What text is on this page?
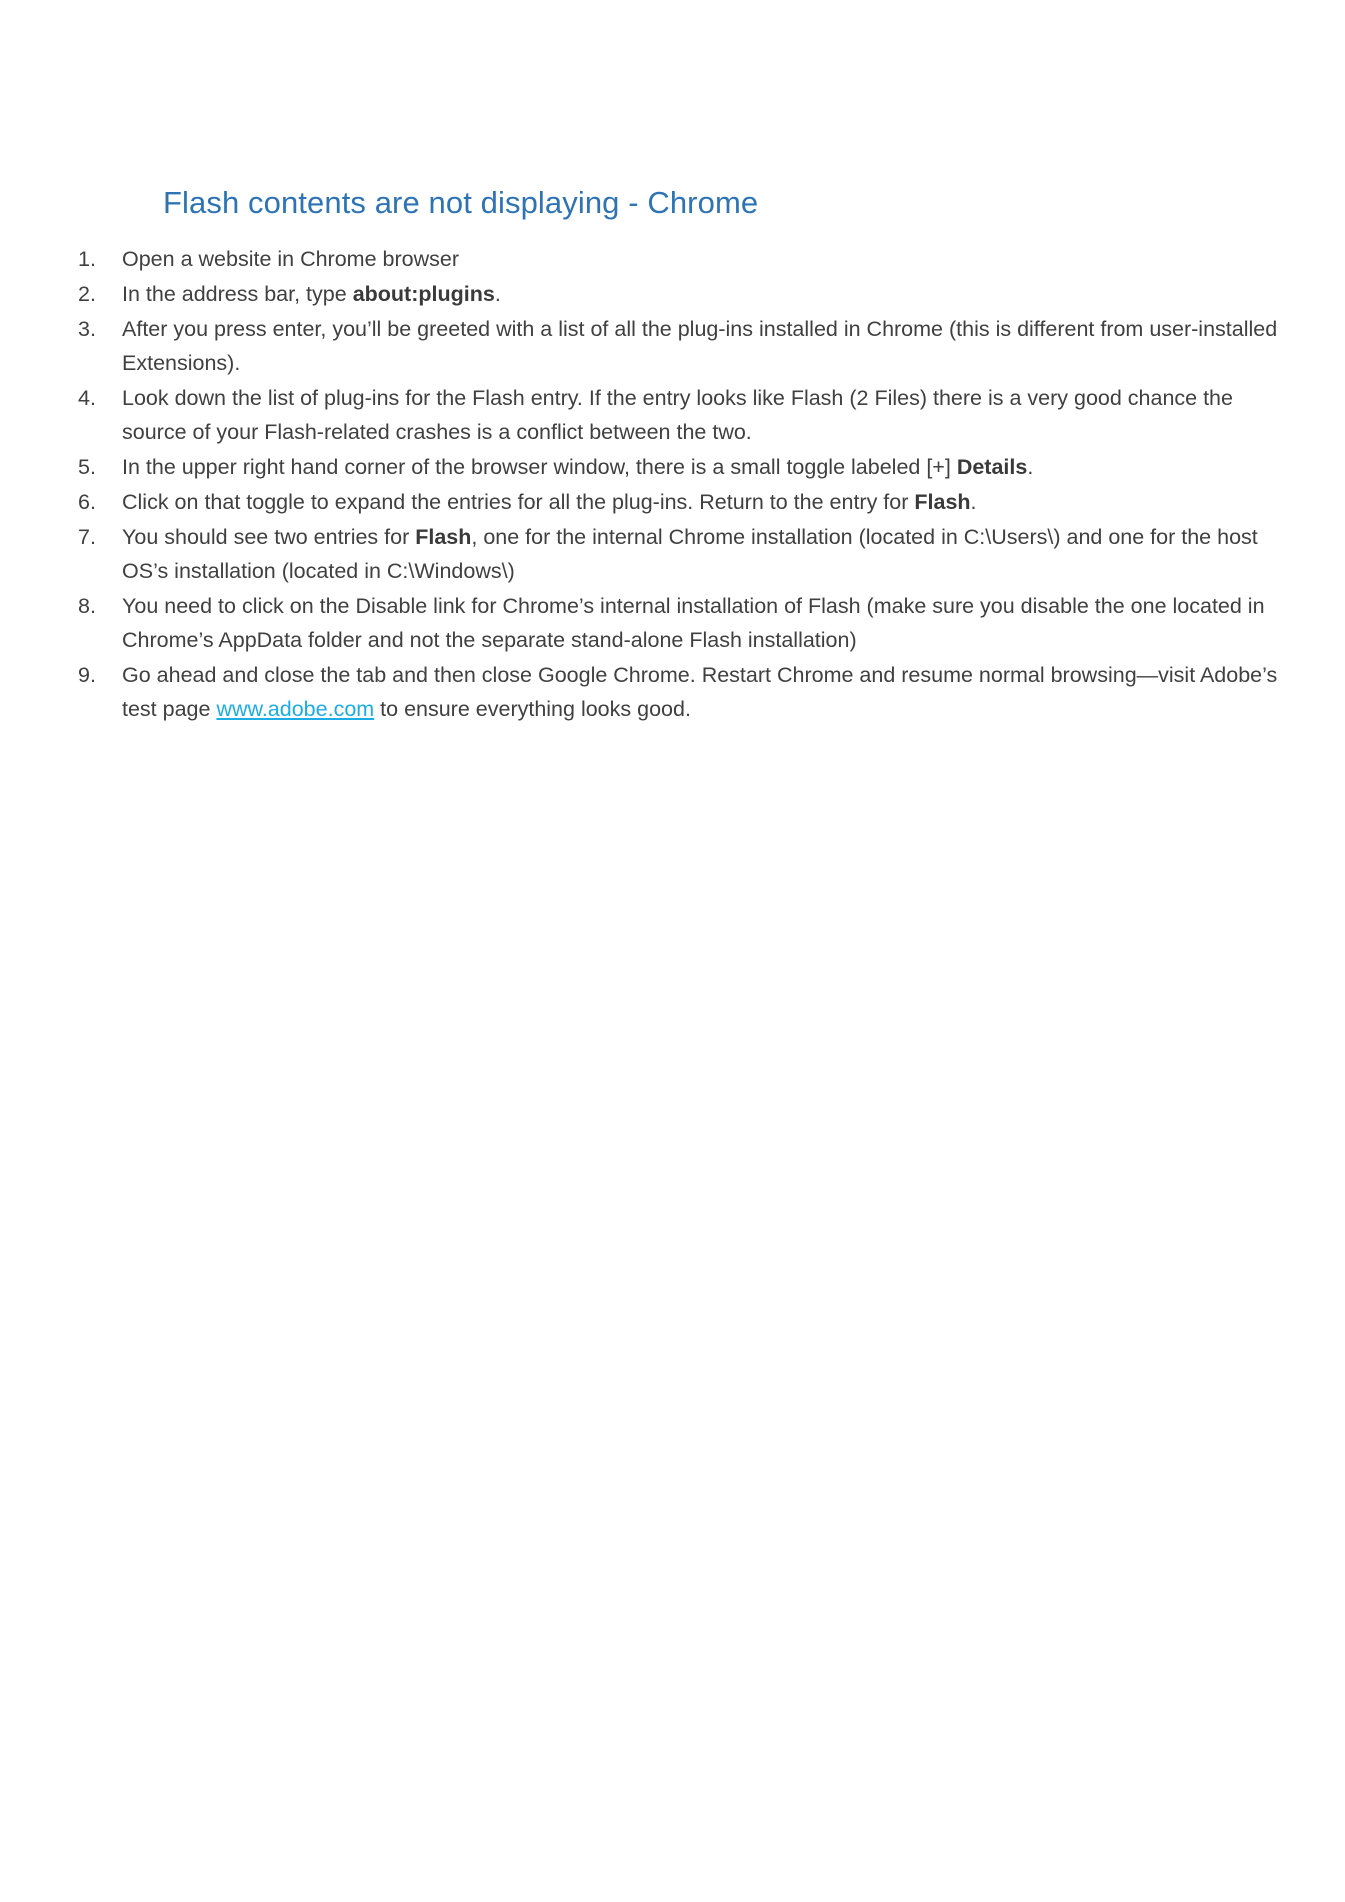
Flash contents are not displaying - Chrome
1.	Open a website in Chrome browser
2.	In the address bar, type about:plugins.
3.	After you press enter, you’ll be greeted with a list of all the plug-ins installed in Chrome (this is different from user-installed Extensions).
4.	Look down the list of plug-ins for the Flash entry. If the entry looks like Flash (2 Files) there is a very good chance the source of your Flash-related crashes is a conflict between the two.
5.	In the upper right hand corner of the browser window, there is a small toggle labeled [+] Details.
6.	Click on that toggle to expand the entries for all the plug-ins. Return to the entry for Flash.
7.	You should see two entries for Flash, one for the internal Chrome installation (located in C:\Users\) and one for the host OS’s installation (located in C:\Windows\)
8.	You need to click on the Disable link for Chrome’s internal installation of Flash (make sure you disable the one located in Chrome’s AppData folder and not the separate stand-alone Flash installation)
9.	Go ahead and close the tab and then close Google Chrome. Restart Chrome and resume normal browsing—visit Adobe’s test page www.adobe.com to ensure everything looks good.
